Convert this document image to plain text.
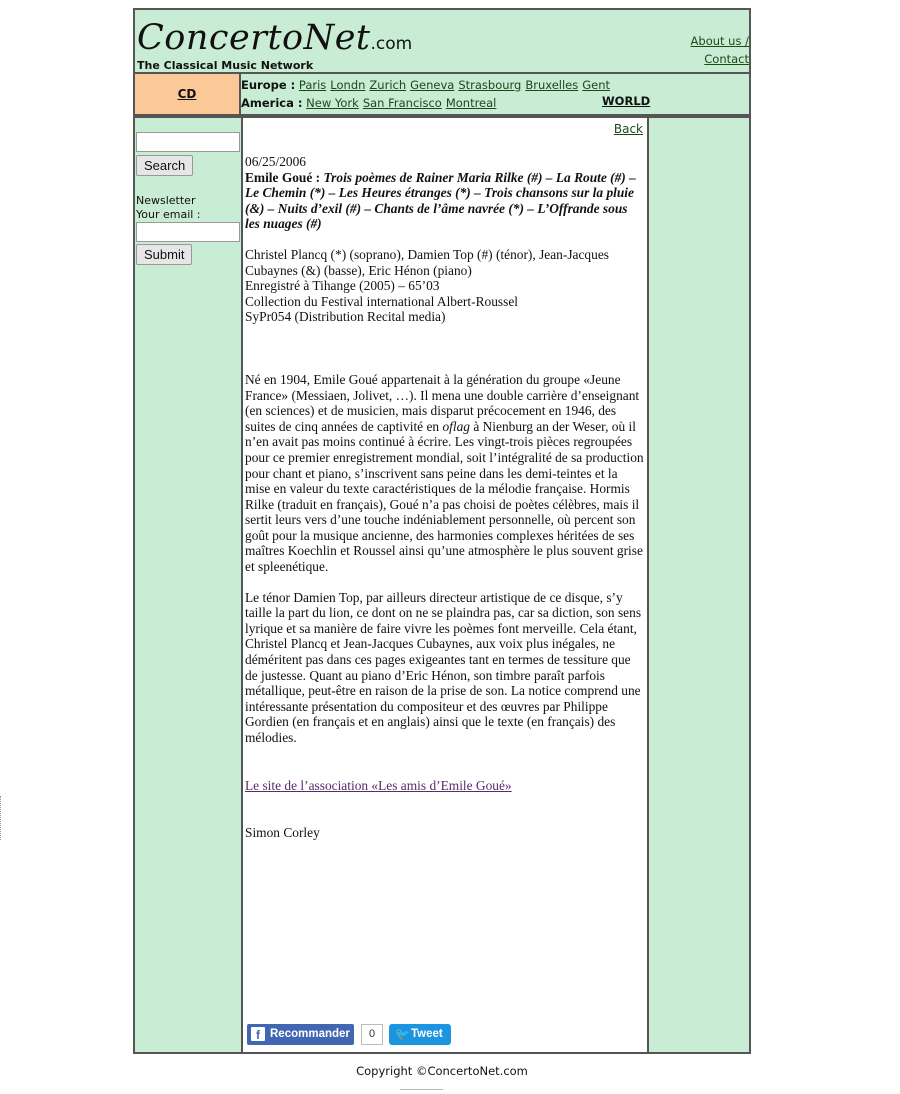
ConcertoNet.com
The Classical Music Network
About us /
Contact
CD
Europe : Paris Londn Zurich Geneva Strasbourg Bruxelles Gent
America : New York San Francisco Montreal	WORLD
Search
Newsletter
Your email :
Submit
Back

06/25/2006

Emile Goué : Trois poèmes de Rainer Maria Rilke (#) – La Route (#) – Le Chemin (*) – Les Heures étranges (*) – Trois chansons sur la pluie (&) – Nuits d’exil (#) – Chants de l’âme navrée (*) – L’Offrande sous les nuages (#)

Christel Plancq (*) (soprano), Damien Top (#) (ténor), Jean-Jacques Cubaynes (&) (basse), Eric Hénon (piano)

Enregistré à Tihange (2005) – 65’03

Collection du Festival international Albert-Roussel

SyPr054 (Distribution Recital media)

Né en 1904, Emile Goué appartenait à la génération du groupe «Jeune France» (Messiaen, Jolivet, …). Il mena une double carrière d’enseignant (en sciences) et de musicien, mais disparut précocement en 1946, des suites de cinq années de captivité en oflag à Nienburg an der Weser, où il n’en avait pas moins continué à écrire. Les vingt-trois pièces regroupées pour ce premier enregistrement mondial, soit l’intégralité de sa production pour chant et piano, s’inscrivent sans peine dans les demi-teintes et la mise en valeur du texte caractéristiques de la mélodie française. Hormis Rilke (traduit en français), Goué n’a pas choisi de poètes célèbres, mais il sertit leurs vers d’une touche indéniablement personnelle, où percent son goût pour la musique ancienne, des harmonies complexes héritées de ses maîtres Koechlin et Roussel ainsi qu’une atmosphère le plus souvent grise et spleenétique.

Le ténor Damien Top, par ailleurs directeur artistique de ce disque, s’y taille la part du lion, ce dont on ne se plaindra pas, car sa diction, son sens lyrique et sa manière de faire vivre les poèmes font merveille. Cela étant, Christel Plancq et Jean-Jacques Cubaynes, aux voix plus inégales, ne déméritent pas dans ces pages exigeantes tant en termes de tessiture que de justesse. Quant au piano d’Eric Hénon, son timbre paraît parfois métallique, peut-être en raison de la prise de son. La notice comprend une intéressante présentation du compositeur et des œuvres par Philippe Gordien (en français et en anglais) ainsi que le texte (en français) des mélodies.

Le site de l’association «Les amis d’Emile Goué»

Simon Corley

f Recommander	0	🐦 Tweet
Copyright ©ConcertoNet.com
